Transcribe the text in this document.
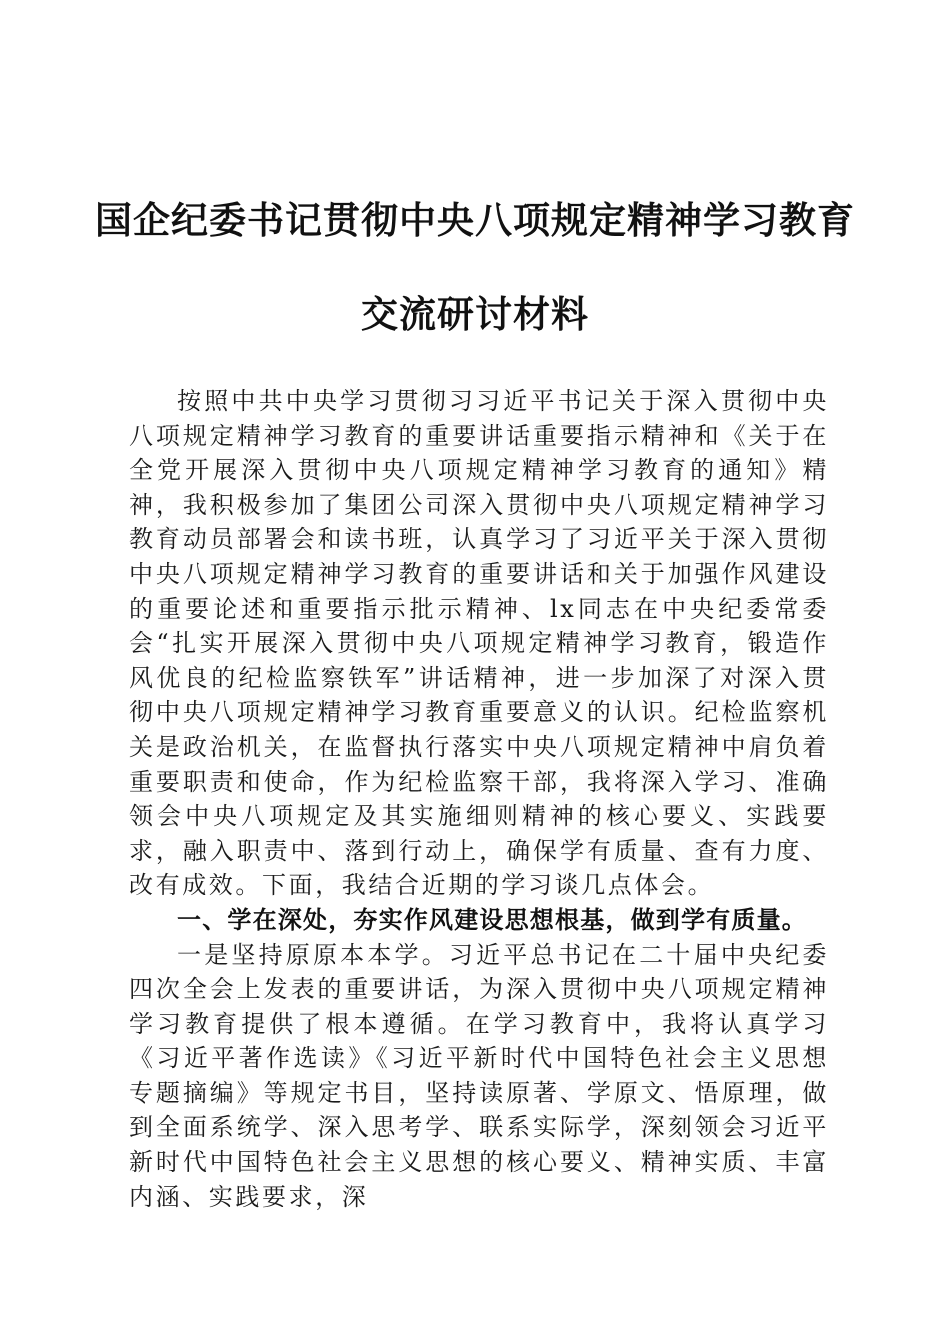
国企纪委书记贯彻中央八项规定精神学习教育
交流研讨材料

按照中共中央学习贯彻习习近平书记关于深入贯彻中央八项规定精神学习教育的重要讲话重要指示精神和《关于在全党开展深入贯彻中央八项规定精神学习教育的通知》精神，我积极参加了集团公司深入贯彻中央八项规定精神学习教育动员部署会和读书班，认真学习了习近平关于深入贯彻中央八项规定精神学习教育的重要讲话和关于加强作风建设的重要论述和重要指示批示精神、lx同志在中央纪委常委会“扎实开展深入贯彻中央八项规定精神学习教育，锻造作风优良的纪检监察铁军”讲话精神，进一步加深了对深入贯彻中央八项规定精神学习教育重要意义的认识。纪检监察机关是政治机关，在监督执行落实中央八项规定精神中肩负着重要职责和使命，作为纪检监察干部，我将深入学习、准确领会中央八项规定及其实施细则精神的核心要义、实践要求，融入职责中、落到行动上，确保学有质量、查有力度、改有成效。下面，我结合近期的学习谈几点体会。

一、学在深处，夯实作风建设思想根基，做到学有质量。

一是坚持原原本本学。习近平总书记在二十届中央纪委四次全会上发表的重要讲话，为深入贯彻中央八项规定精神学习教育提供了根本遵循。在学习教育中，我将认真学习《习近平著作选读》《习近平新时代中国特色社会主义思想专题摘编》等规定书目，坚持读原著、学原文、悟原理，做到全面系统学、深入思考学、联系实际学，深刻领会习近平新时代中国特色社会主义思想的核心要义、精神实质、丰富内涵、实践要求，深
